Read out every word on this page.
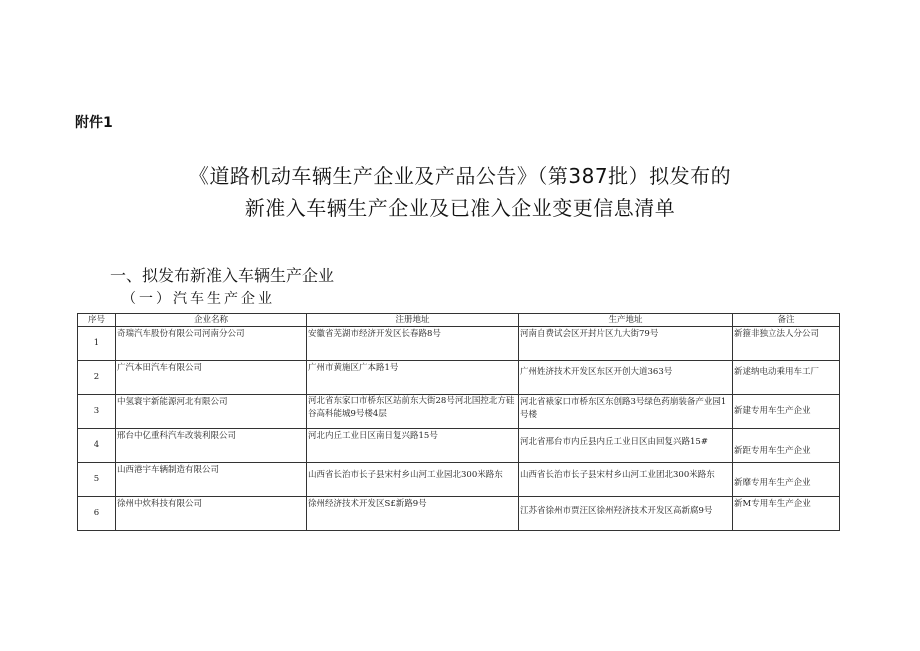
附件1
《道路机动车辆生产企业及产品公告》（第387批）拟发布的
新准入车辆生产企业及已准入企业变更信息清单
一、拟发布新准入车辆生产企业
（一）汽车生产企业
序号	企业名称	注册地址	生产地址	备注
1	奇瑞汽车股份有限公司河南分公司	安徽省芜湖市经济开发区长春路8号	河南自费试会区开封片区九大街79号	新箍非独立法人分公司

2	广汽本田汽车有限公司	广州市黄施区广本路1号	广州姓济技术开发区东区开创大道363号	新逑纳电动乘用车工厂

3	中氢寰宇新能源河北有限公司	河北省东家口市桥东区站前东大街28号河北国控北方硅谷高科能城9号楼4层	河北省裱家口市桥东区东创路3号绿色药崩装备产业园1号楼	新建专用车生产企业

4	邢台中亿重科汽车改装利限公司	河北内丘工业日区南日复兴路15号	河北省邢台市内丘县内丘工业日区由回复兴路15#	新距专用车生产企业

5	山西港宇车辆制造有限公司	山西省长治市长子县宋村乡山河工业园北300米路东	山西省长治市长子县宋村乡山河工业团北300米路东	新靡专用车生产企业

6	徐州中炊科技有限公司	徐州经济技术开发区S£新路9号	江苏省徐州市贾汪区徐州羟济技术开发区高新腐9号	新M专用车生产企业
